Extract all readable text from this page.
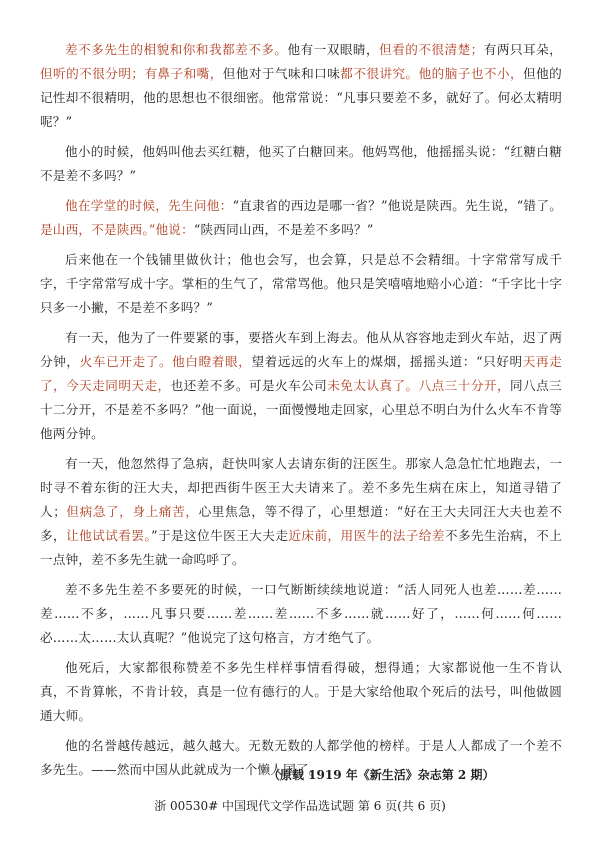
差不多先生的相貌和你和我都差不多。他有一双眼睛，但看的不很清楚；有两只耳朵，但听的不很分明；有鼻子和嘴，但他对于气味和口味都不很讲究。他的脑子也不小，但他的记性却不很精明，他的思想也不很细密。他常常说：“凡事只要差不多，就好了。何必太精明呢？”

他小的时候，他妈叫他去买红糖，他买了白糖回来。他妈骂他，他摇摇头说：“红糖白糖不是差不多吗？”

他在学堂的时候，先生问他：“直隶省的西边是哪一省？”他说是陕西。先生说，“错了。是山西，不是陕西。”他说：“陕西同山西，不是差不多吗？”

后来他在一个钱铺里做伙计；他也会写，也会算，只是总不会精细。十字常常写成千字，千字常常写成十字。掌柜的生气了，常常骂他。他只是笑嘻嘻地赔小心道：“千字比十字只多一小撇，不是差不多吗？”

有一天，他为了一件要紧的事，要搭火车到上海去。他从从容容地走到火车站，迟了两分钟，火车已开走了。他白瞪着眼，望着远远的火车上的煤烟，摇摇头道：“只好明天再走了，今天走同明天走，也还差不多。可是火车公司未免太认真了。八点三十分开，同八点三十二分开，不是差不多吗？”他一面说，一面慢慢地走回家，心里总不明白为什么火车不肯等他两分钟。

有一天，他忽然得了急病，赶快叫家人去请东街的汪医生。那家人急急忙忙地跑去，一时寻不着东街的汪大夫，却把西街牛医王大夫请来了。差不多先生病在床上，知道寻错了人；但病急了，身上痛苦，心里焦急，等不得了，心里想道：“好在王大夫同汪大夫也差不多，让他试试看罢。”于是这位牛医王大夫走近床前，用医牛的法子给差不多先生治病，不上一点钟，差不多先生就一命呜呼了。

差不多先生差不多要死的时候，一口气断断续续地说道：“活人同死人也差……差……差……不多，……凡事只要……差……差……不多……就……好了，……何……何……必……太……太认真呢？”他说完了这句格言，方才绝气了。

他死后，大家都很称赞差不多先生样样事情看得破，想得通；大家都说他一生不肯认真，不肯算帐，不肯计较，真是一位有德行的人。于是大家给他取个死后的法号，叫他做圆通大师。

他的名誉越传越远，越久越大。无数无数的人都学他的榜样。于是人人都成了一个差不多先生。——然而中国从此就成为一个懒人国了。

（原载 1919 年《新生活》杂志第 2 期）
浙 00530# 中国现代文学作品选试题 第 6 页(共 6 页)
